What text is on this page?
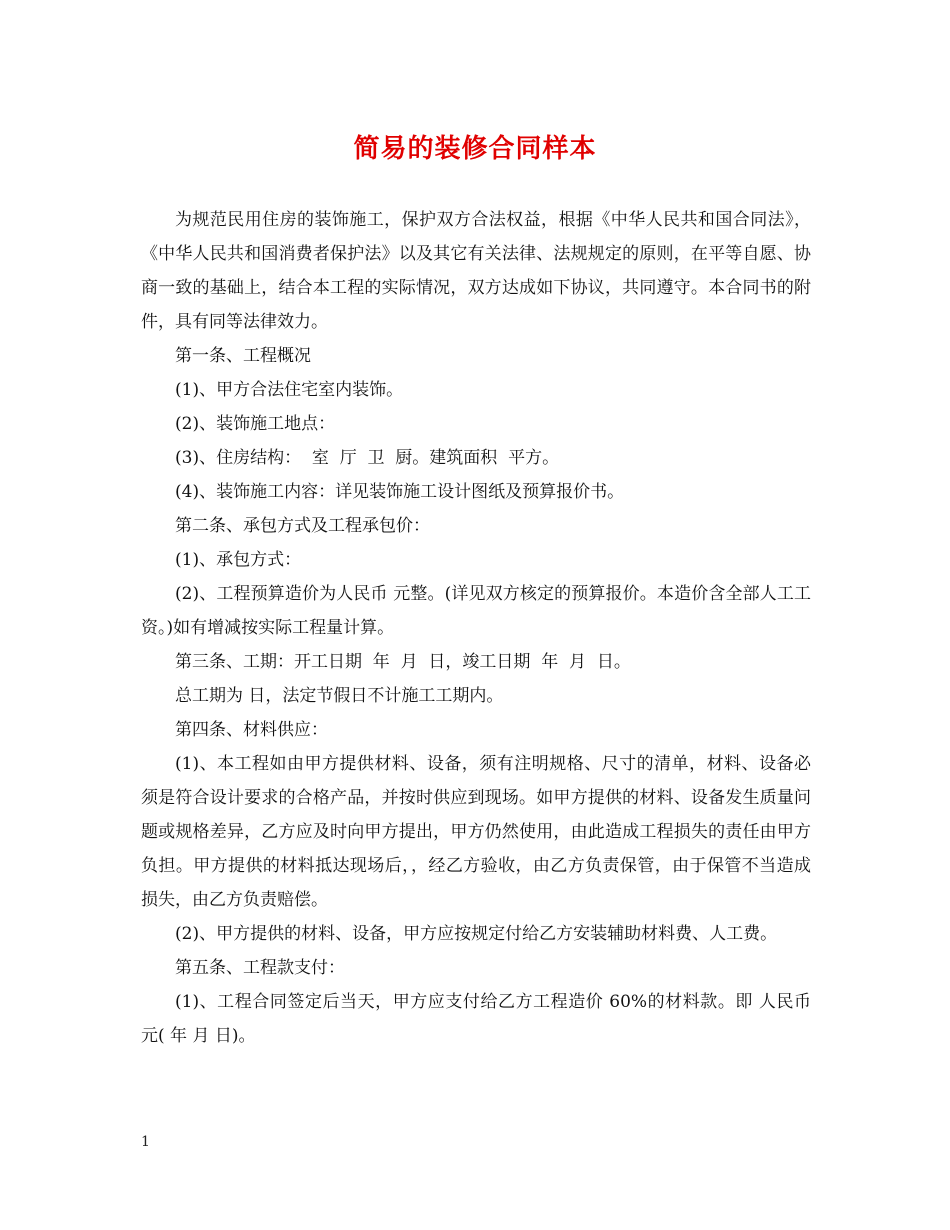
简易的装修合同样本

为规范民用住房的装饰施工，保护双方合法权益，根据《中华人民共和国合同法》，《中华人民共和国消费者保护法》以及其它有关法律、法规规定的原则，在平等自愿、协商一致的基础上，结合本工程的实际情况，双方达成如下协议，共同遵守。本合同书的附件，具有同等法律效力。

第一条、工程概况

(1)、甲方合法住宅室内装饰。

(2)、装饰施工地点：

(3)、住房结构：  室  厅  卫  厨。建筑面积  平方。

(4)、装饰施工内容：详见装饰施工设计图纸及预算报价书。

第二条、承包方式及工程承包价：

(1)、承包方式：

(2)、工程预算造价为人民币 元整。(详见双方核定的预算报价。本造价含全部人工工资。)如有增减按实际工程量计算。

第三条、工期：开工日期  年  月  日，竣工日期  年  月  日。

总工期为 日，法定节假日不计施工工期内。

第四条、材料供应：

(1)、本工程如由甲方提供材料、设备，须有注明规格、尺寸的清单，材料、设备必须是符合设计要求的合格产品，并按时供应到现场。如甲方提供的材料、设备发生质量问题或规格差异，乙方应及时向甲方提出，甲方仍然使用，由此造成工程损失的责任由甲方负担。甲方提供的材料抵达现场后，，经乙方验收，由乙方负责保管，由于保管不当造成损失，由乙方负责赔偿。

(2)、甲方提供的材料、设备，甲方应按规定付给乙方安装辅助材料费、人工费。

第五条、工程款支付：

(1)、工程合同签定后当天，甲方应支付给乙方工程造价 60%的材料款。即 人民币 元( 年 月 日)。

1
